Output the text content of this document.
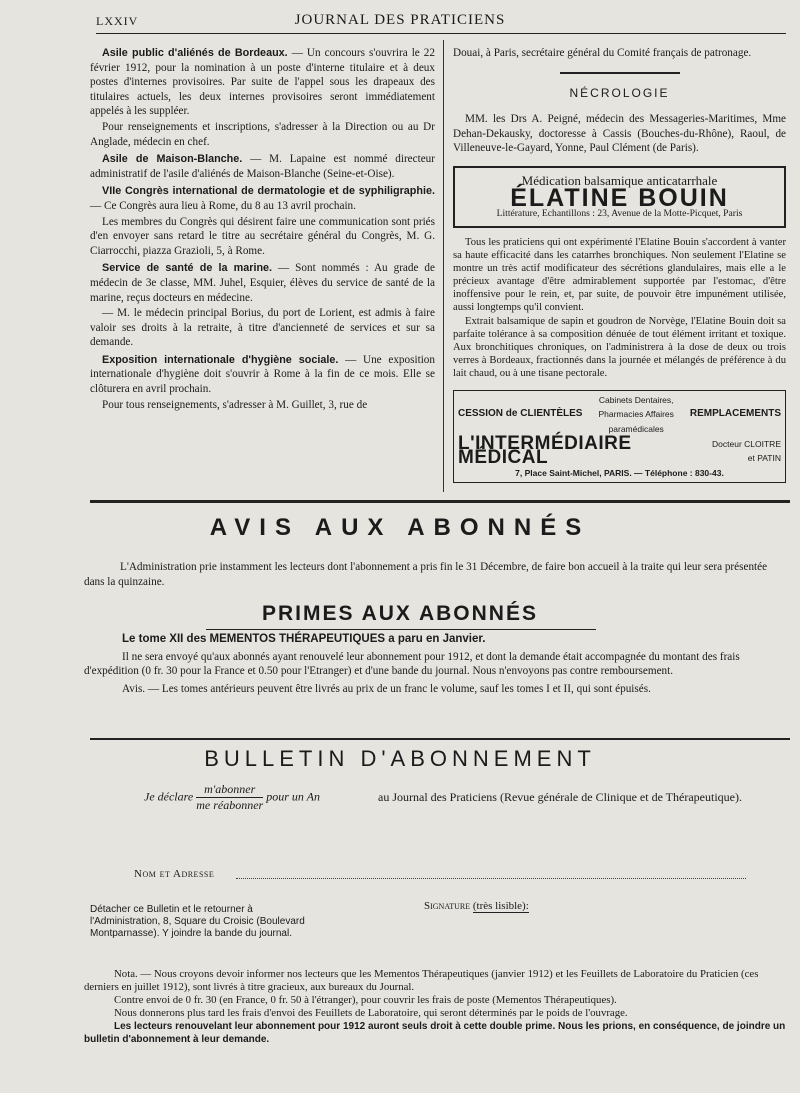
LXXIV	JOURNAL DES PRATICIENS

Asile public d'aliénés de Bordeaux. — Un concours s'ouvrira le 22 février 1912, pour la nomination à un poste d'interne titulaire et à deux postes d'internes provisoires. Par suite de l'appel sous les drapeaux des titulaires actuels, les deux internes provisoires seront immédiatement appelés à les suppléer.

Pour renseignements et inscriptions, s'adresser à la Direction ou au Dr Anglade, médecin en chef.

Asile de Maison-Blanche. — M. Lapaine est nommé directeur administratif de l'asile d'aliénés de Maison-Blanche (Seine-et-Oise).

VIIe Congrès international de dermatologie et de syphiligraphie. — Ce Congrès aura lieu à Rome, du 8 au 13 avril prochain.

Les membres du Congrès qui désirent faire une communication sont priés d'en envoyer sans retard le titre au secrétaire général du Congrès, M. G. Ciarrocchi, piazza Grazioli, 5, à Rome.

Service de santé de la marine. — Sont nommés : Au grade de médecin de 3e classe, MM. Juhel, Esquier, élèves du service de santé de la marine, reçus docteurs en médecine.

— M. le médecin principal Borius, du port de Lorient, est admis à faire valoir ses droits à la retraite, à titre d'ancienneté de services et sur sa demande.

Exposition internationale d'hygiène sociale. — Une exposition internationale d'hygiène doit s'ouvrir à Rome à la fin de ce mois. Elle se clôturera en avril prochain.

Pour tous renseignements, s'adresser à M. Guillet, 3, rue de

Douai, à Paris, secrétaire général du Comité français de patronage.

NÉCROLOGIE

MM. les Drs A. Peigné, médecin des Messageries-Maritimes, Mme Dehan-Dekausky, doctoresse à Cassis (Bouches-du-Rhône), Raoul, de Villeneuve-le-Gayard, Yonne, Paul Clément (de Paris).

Médication balsamique anticatarrhale
ÉLATINE BOUIN
Littérature, Echantillons : 23, Avenue de la Motte-Picquet, Paris

Tous les praticiens qui ont expérimenté l'Elatine Bouin s'accordent à vanter sa haute efficacité dans les catarrhes bronchiques. Non seulement l'Elatine se montre un très actif modificateur des sécrétions glandulaires, mais elle a le précieux avantage d'être admirablement supportée par l'estomac, d'être inoffensive pour le rein, et, par suite, de pouvoir être impunément utilisée, aussi longtemps qu'il convient.

Extrait balsamique de sapin et goudron de Norvège, l'Elatine Bouin doit sa parfaite tolérance à sa composition dénuée de tout élément irritant et toxique. Aux bronchitiques chroniques, on l'administrera à la dose de deux ou trois verres à Bordeaux, fractionnés dans la journée et mélangés de préférence à du lait chaud, ou à une tisane pectorale.

CESSION de CLIENTÈLES
Cabinets Dentaires, Pharmacies Affaires paramédicales
REMPLACEMENTS
L'INTERMÉDIAIRE MÉDICAL
Docteur CLOITRE et PATIN
7, Place Saint-Michel, PARIS. — Téléphone : 830-43.
AVIS AUX ABONNÉS
L'Administration prie instamment les lecteurs dont l'abonnement a pris fin le 31 Décembre, de faire bon accueil à la traite qui leur sera présentée dans la quinzaine.
PRIMES AUX ABONNÉS
Le tome XII des MEMENTOS THÉRAPEUTIQUES a paru en Janvier.
Il ne sera envoyé qu'aux abonnés ayant renouvelé leur abonnement pour 1912, et dont la demande était accompagnée du montant des frais d'expédition (0 fr. 30 pour la France et 0.50 pour l'Etranger) et d'une bande du journal. Nous n'envoyons pas contre remboursement.
Avis. — Les tomes antérieurs peuvent être livrés au prix de un franc le volume, sauf les tomes I et II, qui sont épuisés.
BULLETIN D'ABONNEMENT
Je déclare $\frac{\text{m'abonner}}{\text{me réabonner}}$ pour un An	au Journal des Praticiens (Revue générale de Clinique et de Thérapeutique).
Nom et Adresse
Détacher ce Bulletin et le retourner à l'Administration, 8, Square du Croisic (Boulevard Montparnasse). Y joindre la bande du journal.
Signature (très lisible):

Nota. — Nous croyons devoir informer nos lecteurs que les Mementos Thérapeutiques (janvier 1912) et les Feuillets de Laboratoire du Praticien (ces derniers en juillet 1912), sont livrés à titre gracieux, aux bureaux du Journal.

Contre envoi de 0 fr. 30 (en France, 0 fr. 50 à l'étranger), pour couvrir les frais de poste (Mementos Thérapeutiques).

Nous donnerons plus tard les frais d'envoi des Feuillets de Laboratoire, qui seront déterminés par le poids de l'ouvrage.

Les lecteurs renouvelant leur abonnement pour 1912 auront seuls droit à cette double prime. Nous les prions, en conséquence, de joindre un bulletin d'abonnement à leur demande.
